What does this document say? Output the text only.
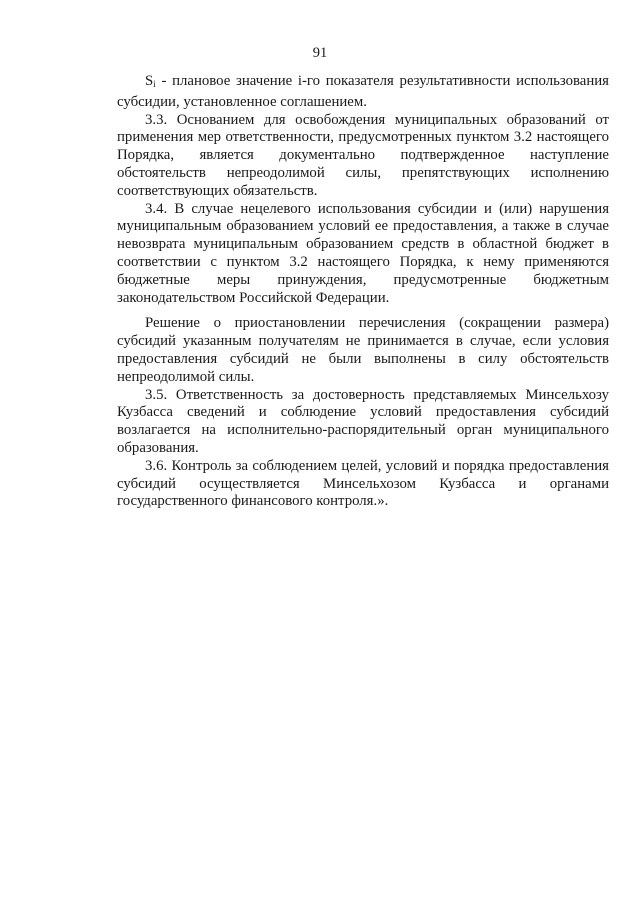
91

$S_i$ - плановое значение i-го показателя результативности использования субсидии, установленное соглашением.

3.3. Основанием для освобождения муниципальных образований от применения мер ответственности, предусмотренных пунктом 3.2 настоящего Порядка, является документально подтвержденное наступление обстоятельств непреодолимой силы, препятствующих исполнению соответствующих обязательств.

3.4. В случае нецелевого использования субсидии и (или) нарушения муниципальным образованием условий ее предоставления, а также в случае невозврата муниципальным образованием средств в областной бюджет в соответствии с пунктом 3.2 настоящего Порядка, к нему применяются бюджетные меры принуждения, предусмотренные бюджетным законодательством Российской Федерации.

Решение о приостановлении перечисления (сокращении размера) субсидий указанным получателям не принимается в случае, если условия предоставления субсидий не были выполнены в силу обстоятельств непреодолимой силы.

3.5. Ответственность за достоверность представляемых Минсельхозу Кузбасса сведений и соблюдение условий предоставления субсидий возлагается на исполнительно-распорядительный орган муниципального образования.

3.6. Контроль за соблюдением целей, условий и порядка предоставления субсидий осуществляется Минсельхозом Кузбасса и органами государственного финансового контроля.».
